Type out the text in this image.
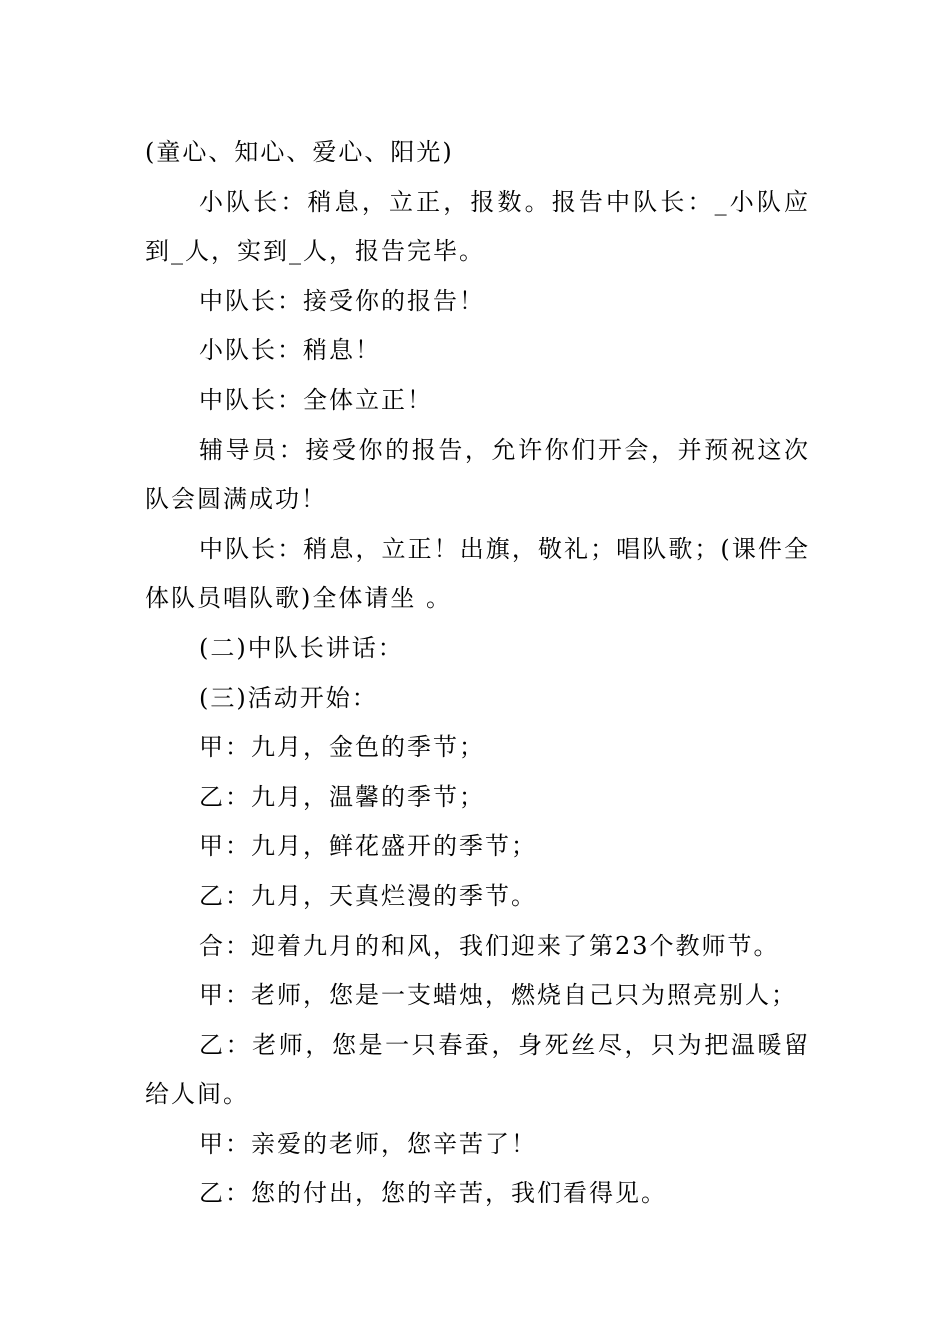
(童心、知心、爱心、阳光)

小队长：稍息，立正，报数。报告中队长：_小队应到_人，实到_人，报告完毕。

中队长：接受你的报告！

小队长：稍息！

中队长：全体立正！

辅导员：接受你的报告，允许你们开会，并预祝这次队会圆满成功！

中队长：稍息，立正！出旗，敬礼；唱队歌；(课件全体队员唱队歌)全体请坐 。

(二)中队长讲话：

(三)活动开始：

甲：九月，金色的季节；

乙：九月，温馨的季节；

甲：九月，鲜花盛开的季节；

乙：九月，天真烂漫的季节。

合：迎着九月的和风，我们迎来了第23个教师节。

甲：老师，您是一支蜡烛，燃烧自己只为照亮别人；

乙：老师，您是一只春蚕，身死丝尽，只为把温暖留给人间。

甲：亲爱的老师，您辛苦了！

乙：您的付出，您的辛苦，我们看得见。
